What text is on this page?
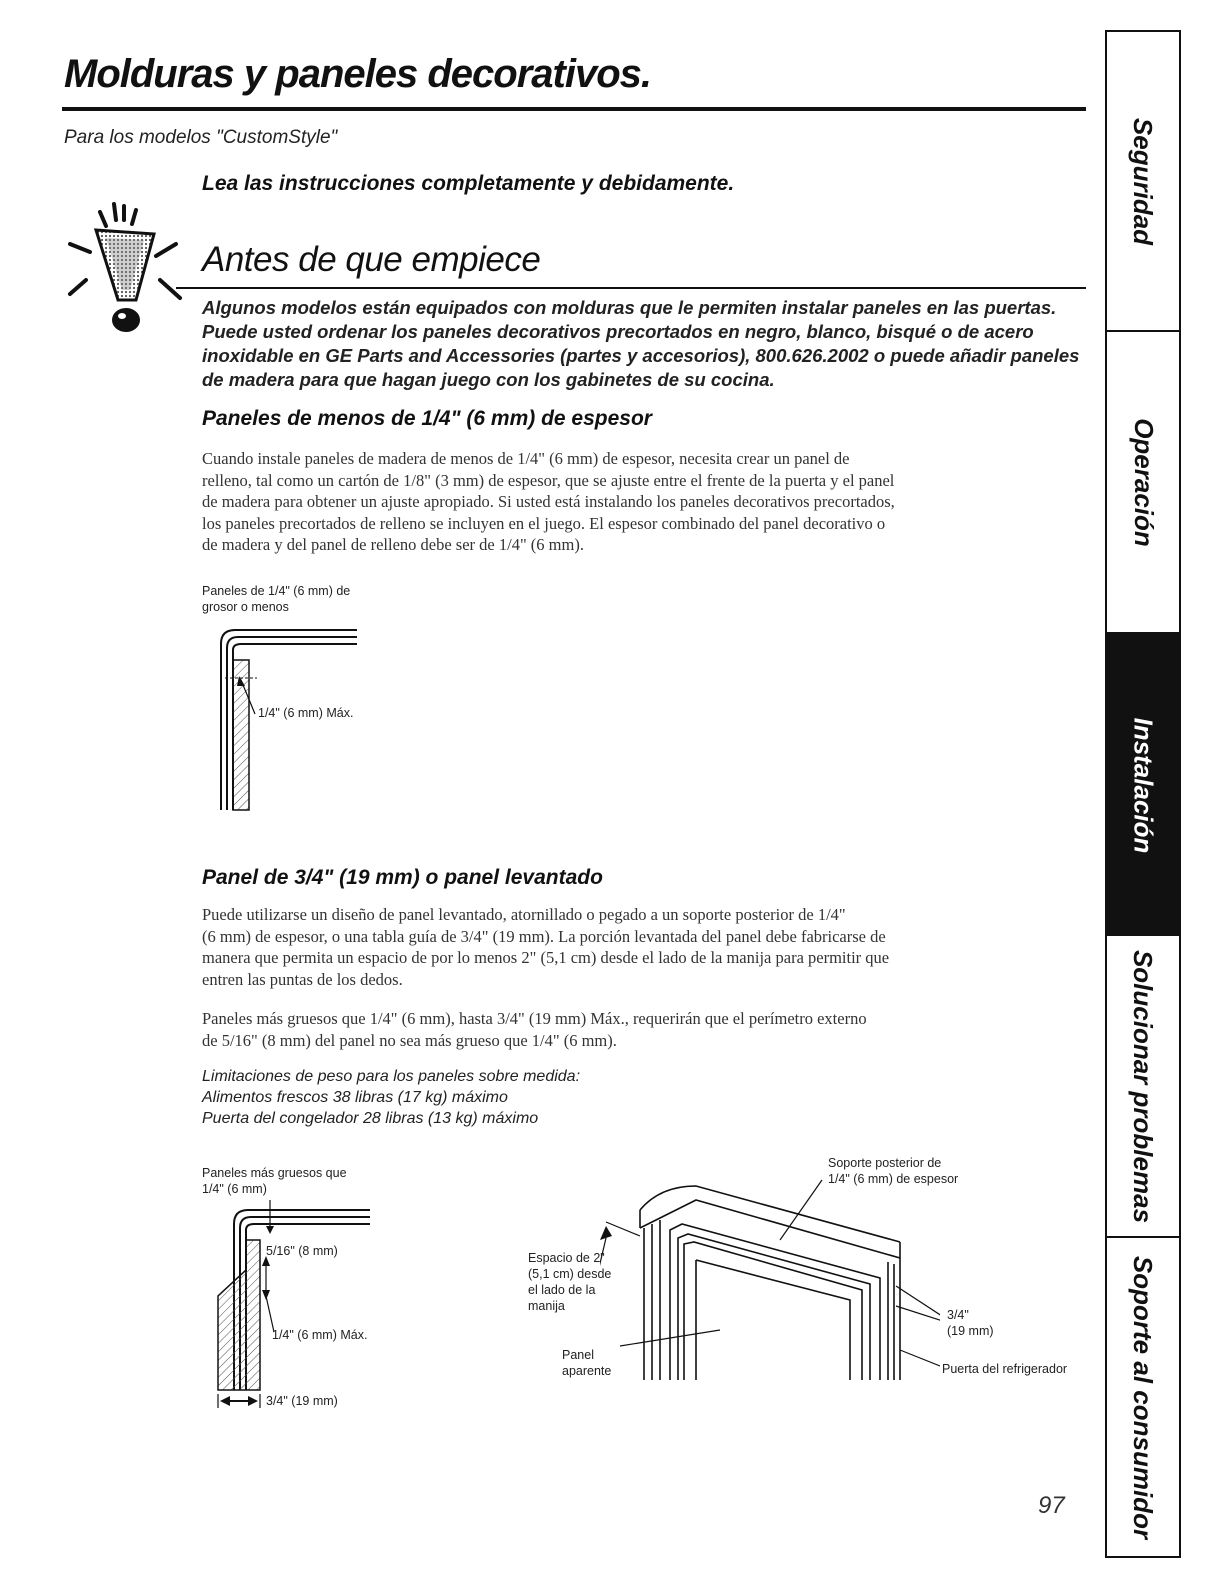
Molduras y paneles decorativos.
Para los modelos "CustomStyle"
Lea las instrucciones completamente y debidamente.
Antes de que empiece

Algunos modelos están equipados con molduras que le permiten instalar paneles en las puertas.

Puede usted ordenar los paneles decorativos precortados en negro, blanco, bisqué o de acero

inoxidable en GE Parts and Accessories (partes y accesorios), 800.626.2002 o puede añadir paneles

de madera para que hagan juego con los gabinetes de su cocina.

Paneles de menos de 1/4" (6 mm) de espesor

Cuando instale paneles de madera de menos de 1/4" (6 mm) de espesor, necesita crear un panel de

relleno, tal como un cartón de 1/8" (3 mm) de espesor, que se ajuste entre el frente de la puerta y el panel

de madera para obtener un ajuste apropiado. Si usted está instalando los paneles decorativos precortados,

los paneles precortados de relleno se incluyen en el juego. El espesor combinado del panel decorativo o

de madera y del panel de relleno debe ser de 1/4" (6 mm).

Paneles de 1/4" (6 mm) de
grosor o menos
1/4" (6 mm) Máx.
Panel de 3/4" (19 mm) o panel levantado

Puede utilizarse un diseño de panel levantado, atornillado o pegado a un soporte posterior de 1/4"

(6 mm) de espesor, o una tabla guía de 3/4" (19 mm). La porción levantada del panel debe fabricarse de

manera que permita un espacio de por lo menos 2" (5,1 cm) desde el lado de la manija para permitir que

entren las puntas de los dedos.

Paneles más gruesos que 1/4" (6 mm), hasta 3/4" (19 mm) Máx., requerirán que el perímetro externo

de 5/16" (8 mm) del panel no sea más grueso que 1/4" (6 mm).

Limitaciones de peso para los paneles sobre medida:

Alimentos frescos 38 libras (17 kg) máximo

Puerta del congelador 28 libras (13 kg) máximo

Paneles más gruesos que
1/4" (6 mm)
5/16" (8 mm)
1/4" (6 mm) Máx.
3/4" (19 mm)
Soporte posterior de
1/4" (6 mm) de espesor
Espacio de 2"
(5,1 cm) desde
el lado de la
manija
Panel
aparente
3/4"
(19 mm)
Puerta del refrigerador
97
Seguridad
Operación
Instalación
Solucionar problemas
Soporte al consumidor
